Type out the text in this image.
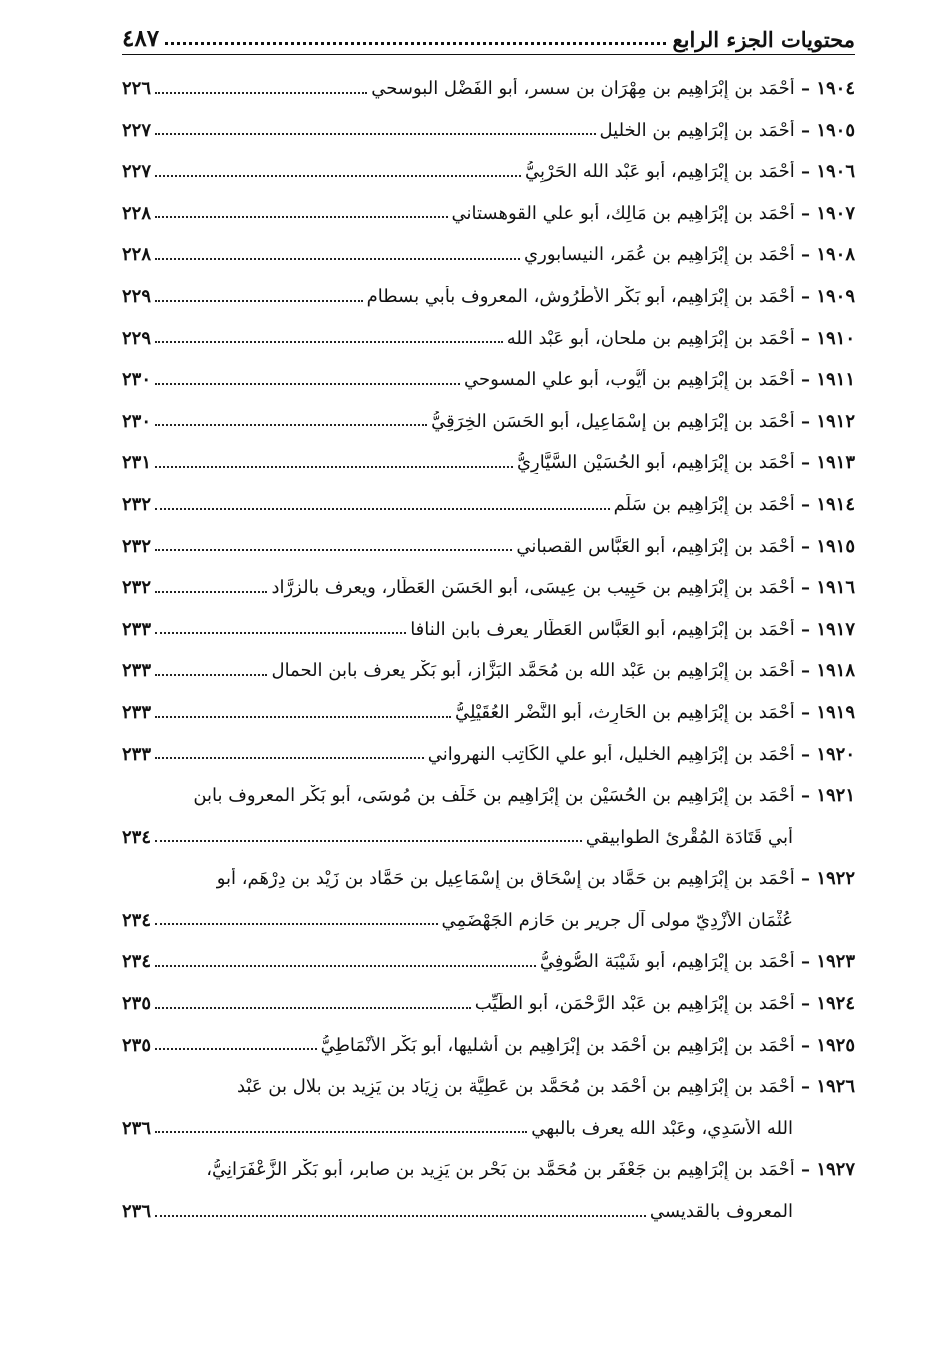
محتويات الجزء الرابع
٤٨٧
١٩٠٤
–
أَحْمَد بن إِبْرَاهِيم بن مِهْرَان بن سسر، أبو الفَضْل البوسحي
٢٢٦
١٩٠٥
–
أَحْمَد بن إِبْرَاهِيم بن الخليل
٢٢٧
١٩٠٦
–
أَحْمَد بن إِبْرَاهِيم، أبو عَبْد الله الحَرْبِيُّ
٢٢٧
١٩٠٧
–
أَحْمَد بن إِبْرَاهِيم بن مَالِك، أبو علي القوهستاني
٢٢٨
١٩٠٨
–
أَحْمَد بن إِبْرَاهِيم بن عُمَر، النيسابوري
٢٢٨
١٩٠٩
–
أَحْمَد بن إِبْرَاهِيم، أبو بَكْر الأَطْرُوش، المعروف بأبي بسطام
٢٢٩
١٩١٠
–
أَحْمَد بن إِبْرَاهِيم بن ملحان، أبو عَبْد الله
٢٢٩
١٩١١
–
أَحْمَد بن إِبْرَاهِيم بن أَيُّوب، أبو علي المسوحي
٢٣٠
١٩١٢
–
أَحْمَد بن إِبْرَاهِيم بن إِسْمَاعِيل، أبو الحَسَن الخِرَقِيُّ
٢٣٠
١٩١٣
–
أَحْمَد بن إِبْرَاهِيم، أبو الحُسَيْن السَّيَّارِيُّ
٢٣١
١٩١٤
–
أَحْمَد بن إِبْرَاهِيم بن سَلَم
٢٣٢
١٩١٥
–
أَحْمَد بن إِبْرَاهِيم، أبو العَبَّاس القصباني
٢٣٢
١٩١٦
–
أَحْمَد بن إِبْرَاهِيم بن حَبِيب بن عِيسَى، أبو الحَسَن العَطَّار، ويعرف بالزرَّاد
٢٣٢
١٩١٧
–
أَحْمَد بن إِبْرَاهِيم، أبو العَبَّاس العَطَّار يعرف بابن النافا
٢٣٣
١٩١٨
–
أَحْمَد بن إِبْرَاهِيم بن عَبْد الله بن مُحَمَّد البَزَّاز، أبو بَكْر يعرف بابن الحمال
٢٣٣
١٩١٩
–
أَحْمَد بن إِبْرَاهِيم بن الحَارِث، أبو النَّضْر العُقَيْلِيُّ
٢٣٣
١٩٢٠
–
أَحْمَد بن إِبْرَاهِيم الخليل، أبو علي الكَاتِب النهرواني
٢٣٣
١٩٢١
–
أَحْمَد بن إِبْرَاهِيم بن الحُسَيْن بن إِبْرَاهِيم بن خَلَف بن مُوسَى، أبو بَكْر المعروف بابن
أبي قَتَادَة المُقْرِئ الطوابيقي
٢٣٤
١٩٢٢
–
أَحْمَد بن إِبْرَاهِيم بن حَمَّاد بن إِسْحَاق بن إِسْمَاعِيل بن حَمَّاد بن زَيْد بن دِرْهَم، أبو
عُثْمَان الأَزْدِيّ مولى آل جرير بن حَازِم الجَهْضَمِي
٢٣٤
١٩٢٣
–
أَحْمَد بن إِبْرَاهِيم، أبو شَيْبَة الصُّوفِيُّ
٢٣٤
١٩٢٤
–
أَحْمَد بن إِبْرَاهِيم بن عَبْد الرَّحْمَن، أبو الطَّيِّب
٢٣٥
١٩٢٥
–
أَحْمَد بن إِبْرَاهِيم بن أَحْمَد بن إِبْرَاهِيم بن أشليها، أبو بَكْر الأَنْمَاطِيُّ
٢٣٥
١٩٢٦
–
أَحْمَد بن إِبْرَاهِيم بن أَحْمَد بن مُحَمَّد بن عَطِيَّة بن زِيَاد بن يَزِيد بن بلال بن عَبْد
الله الأَسَدِي، وعَبْد الله يعرف بالبهي
٢٣٦
١٩٢٧
–
أَحْمَد بن إِبْرَاهِيم بن جَعْفَر بن مُحَمَّد بن بَحْر بن يَزِيد بن صابر، أبو بَكْر الزَّعْفَرَانِيُّ،
المعروف بالقديسي
٢٣٦
